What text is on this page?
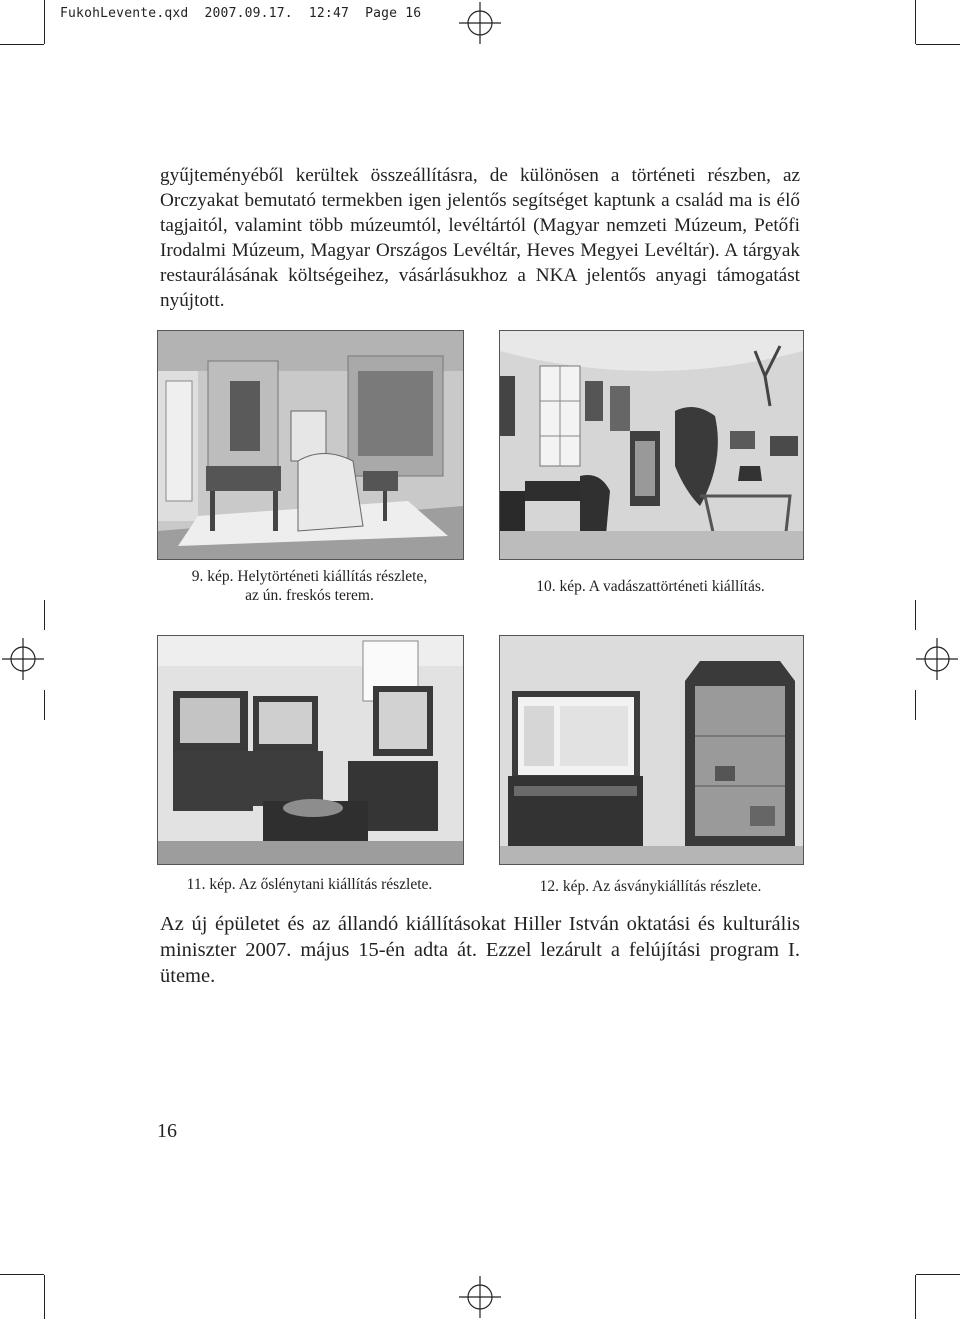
FukohLevente.qxd 2007.09.17. 12:47 Page 16
gyűjteményéből kerültek összeállításra, de különösen a történeti részben, az Orczyakat bemutató termekben igen jelentős segítséget kaptunk a család ma is élő tagjaitól, valamint több múzeumtól, levéltártól (Magyar nemzeti Múzeum, Petőfi Irodalmi Múzeum, Magyar Országos Levéltár, Heves Megyei Levéltár). A tárgyak restaurálásának költségeihez, vásárlásukhoz a NKA jelentős anyagi támogatást nyújtott.
9. kép. Helytörténeti kiállítás részlete,
az ún. freskós terem.
10. kép. A vadászattörténeti kiállítás.
11. kép. Az őslénytani kiállítás részlete.	12. kép. Az ásványkiállítás részlete.
Az új épületet és az állandó kiállításokat Hiller István oktatási és kulturális miniszter 2007. május 15-én adta át. Ezzel lezárult a felújítási program I. üteme.
16
